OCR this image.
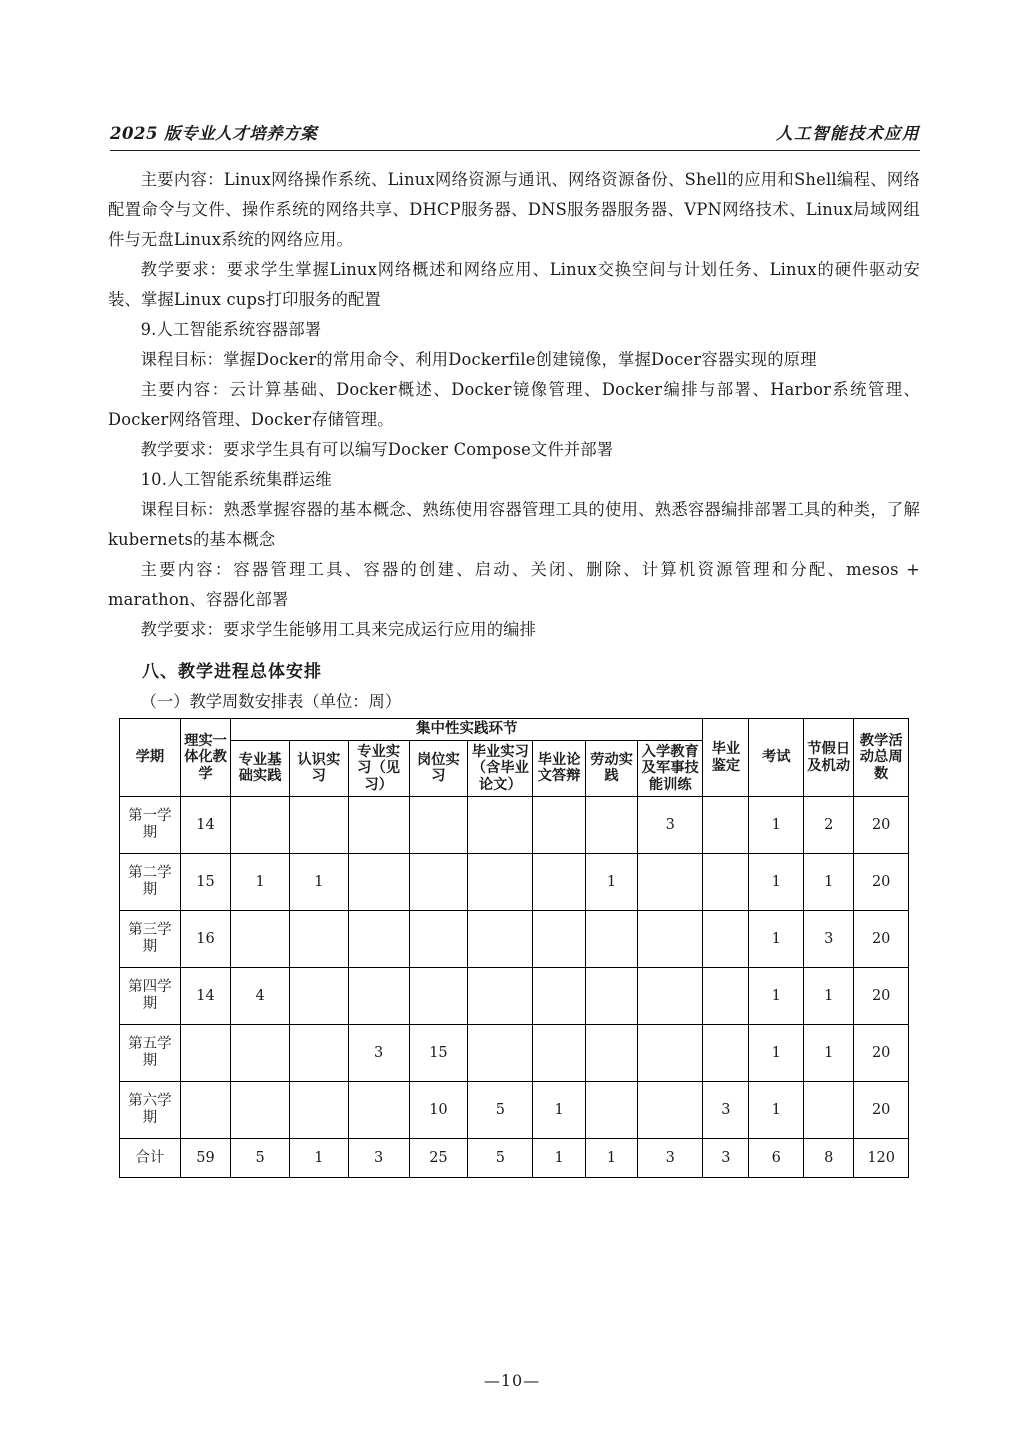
2025 版专业人才培养方案	人工智能技术应用

主要内容：Linux网络操作系统、Linux网络资源与通讯、网络资源备份、Shell的应用和Shell编程、网络配置命令与文件、操作系统的网络共享、DHCP服务器、DNS服务器服务器、VPN网络技术、Linux局域网组件与无盘Linux系统的网络应用。

教学要求：要求学生掌握Linux网络概述和网络应用、Linux交换空间与计划任务、Linux的硬件驱动安装、掌握Linux cups打印服务的配置

9.人工智能系统容器部署

课程目标：掌握Docker的常用命令、利用Dockerfile创建镜像，掌握Docer容器实现的原理

主要内容：云计算基础、Docker概述、Docker镜像管理、Docker编排与部署、Harbor系统管理、Docker网络管理、Docker存储管理。

教学要求：要求学生具有可以编写Docker Compose文件并部署

10.人工智能系统集群运维

课程目标：熟悉掌握容器的基本概念、熟练使用容器管理工具的使用、熟悉容器编排部署工具的种类，了解kubernets的基本概念

主要内容：容器管理工具、容器的创建、启动、关闭、删除、计算机资源管理和分配、mesos + marathon、容器化部署

教学要求：要求学生能够用工具来完成运行应用的编排

八、教学进程总体安排
（一）教学周数安排表（单位：周）
学期	理实一体化教学	集中性实践环节								毕业鉴定	考试	节假日及机动	教学活动总周数
		专业基础实践	认识实习	专业实习（见习）	岗位实习	毕业实习（含毕业论文）	毕业论文答辩	劳动实践	入学教育及军事技能训练				
第一学期	14								3		1	2	20
第二学期	15	1	1					1			1	1	20
第三学期	16										1	3	20
第四学期	14	4									1	1	20
第五学期				3	15						1	1	20
第六学期					10	5	1			3	1		20
合计	59	5	1	3	25	5	1	1	3	3	6	8	120
—10—
